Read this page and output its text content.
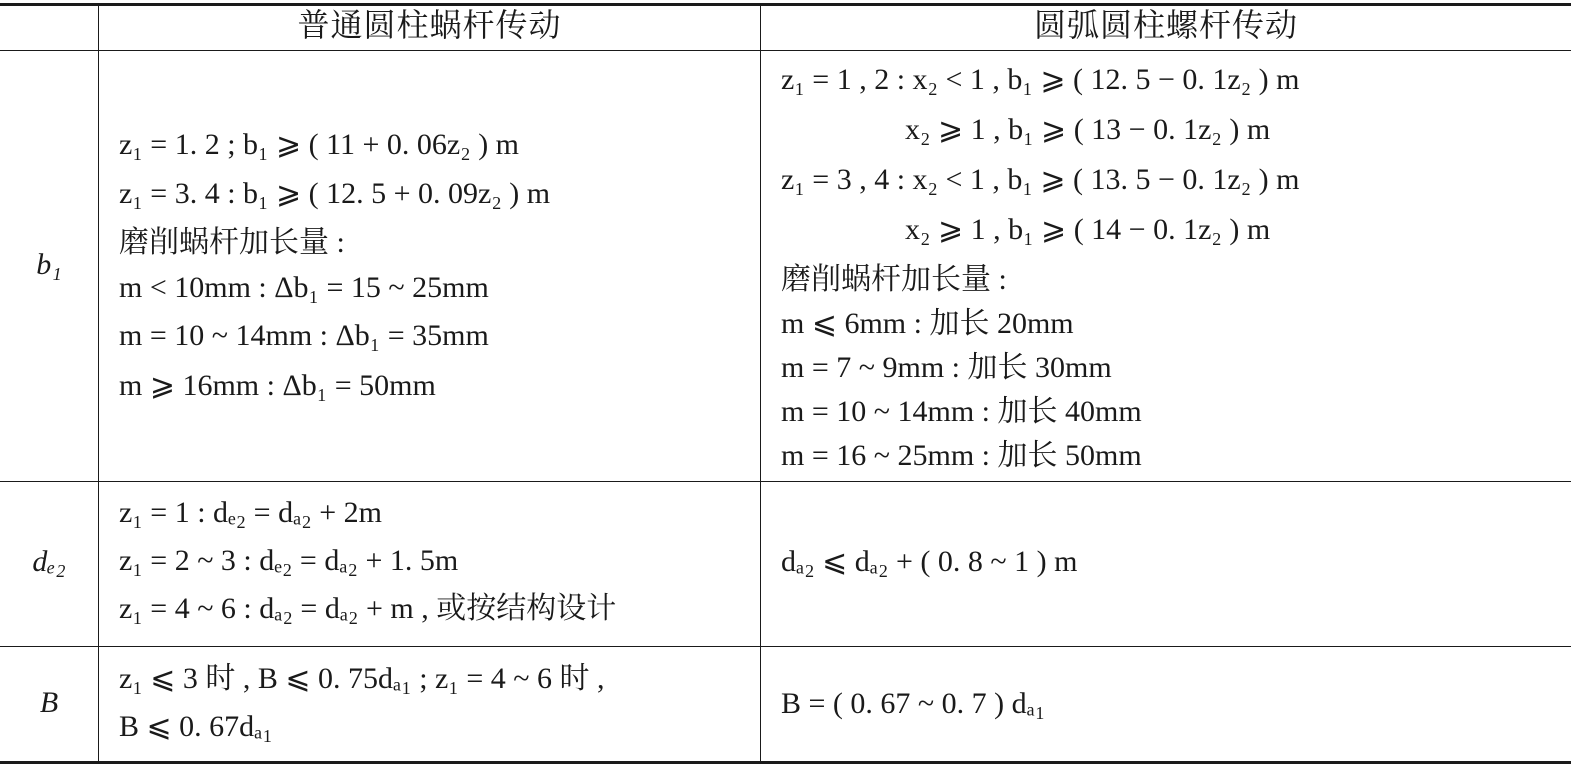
普通圆柱蜗杆传动	圆弧圆柱螺杆传动
b₁
z₁ = 1. 2 ; b₁ ⩾ ( 11 + 0. 06z₂ ) m
z₁ = 3. 4 : b₁ ⩾ ( 12. 5 + 0. 09z₂ ) m
磨削蜗杆加长量 :
m < 10mm : Δb₁ = 15 ~ 25mm
m = 10 ~ 14mm : Δb₁ = 35mm
m ⩾ 16mm : Δb₁ = 50mm
z₁ = 1 , 2 : x₂ < 1 , b₁ ⩾ ( 12. 5 − 0. 1z₂ ) m
x₂ ⩾ 1 , b₁ ⩾ ( 13 − 0. 1z₂ ) m
z₁ = 3 , 4 : x₂ < 1 , b₁ ⩾ ( 13. 5 − 0. 1z₂ ) m
x₂ ⩾ 1 , b₁ ⩾ ( 14 − 0. 1z₂ ) m
磨削蜗杆加长量 :
m ⩽ 6mm : 加长 20mm
m = 7 ~ 9mm : 加长 30mm
m = 10 ~ 14mm : 加长 40mm
m = 16 ~ 25mm : 加长 50mm
dₑ₂
z₁ = 1 : dₑ₂ = dₐ₂ + 2m
z₁ = 2 ~ 3 : dₑ₂ = dₐ₂ + 1. 5m
z₁ = 4 ~ 6 : dₐ₂ = dₐ₂ + m , 或按结构设计
dₐ₂ ⩽ dₐ₂ + ( 0. 8 ~ 1 ) m
B
z₁ ⩽ 3 时 , B ⩽ 0. 75dₐ₁ ; z₁ = 4 ~ 6 时 ,
B ⩽ 0. 67dₐ₁
B = ( 0. 67 ~ 0. 7 ) dₐ₁
